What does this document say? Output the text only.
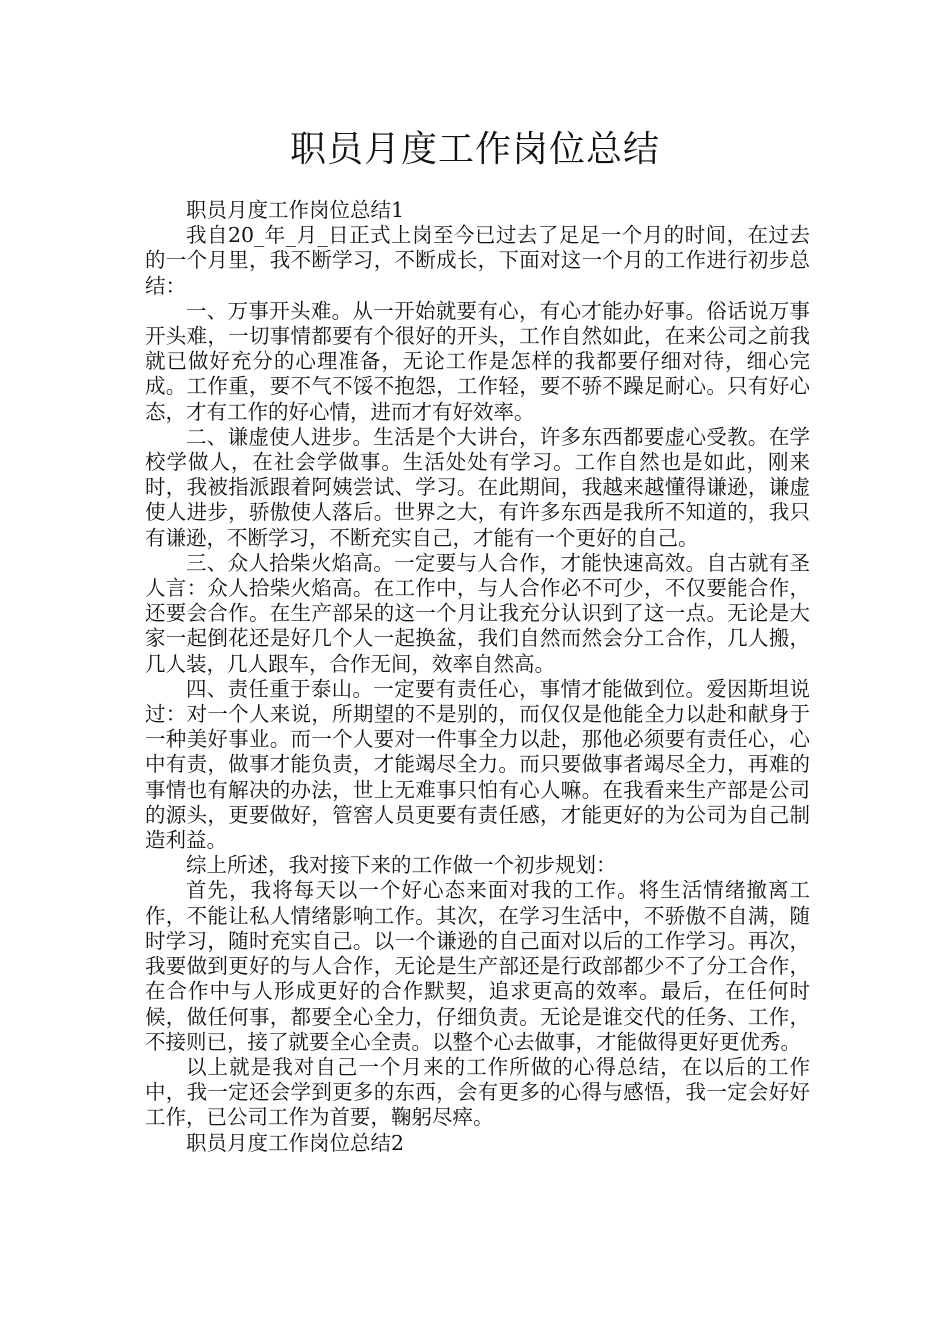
职员月度工作岗位总结

职员月度工作岗位总结1

我自20_年_月_日正式上岗至今已过去了足足一个月的时间，在过去的一个月里，我不断学习，不断成长，下面对这一个月的工作进行初步总结：

一、万事开头难。从一开始就要有心，有心才能办好事。俗话说万事开头难，一切事情都要有个很好的开头，工作自然如此，在来公司之前我就已做好充分的心理准备，无论工作是怎样的我都要仔细对待，细心完成。工作重，要不气不馁不抱怨，工作轻，要不骄不躁足耐心。只有好心态，才有工作的好心情，进而才有好效率。

二、谦虚使人进步。生活是个大讲台，许多东西都要虚心受教。在学校学做人，在社会学做事。生活处处有学习。工作自然也是如此，刚来时，我被指派跟着阿姨尝试、学习。在此期间，我越来越懂得谦逊，谦虚使人进步，骄傲使人落后。世界之大，有许多东西是我所不知道的，我只有谦逊，不断学习，不断充实自己，才能有一个更好的自己。

三、众人拾柴火焰高。一定要与人合作，才能快速高效。自古就有圣人言：众人拾柴火焰高。在工作中，与人合作必不可少，不仅要能合作，还要会合作。在生产部呆的这一个月让我充分认识到了这一点。无论是大家一起倒花还是好几个人一起换盆，我们自然而然会分工合作，几人搬，几人装，几人跟车，合作无间，效率自然高。

四、责任重于泰山。一定要有责任心，事情才能做到位。爱因斯坦说过：对一个人来说，所期望的不是别的，而仅仅是他能全力以赴和献身于一种美好事业。而一个人要对一件事全力以赴，那他必须要有责任心，心中有责，做事才能负责，才能竭尽全力。而只要做事者竭尽全力，再难的事情也有解决的办法，世上无难事只怕有心人嘛。在我看来生产部是公司的源头，更要做好，管窖人员更要有责任感，才能更好的为公司为自己制造利益。

综上所述，我对接下来的工作做一个初步规划：

首先，我将每天以一个好心态来面对我的工作。将生活情绪撤离工作，不能让私人情绪影响工作。其次，在学习生活中，不骄傲不自满，随时学习，随时充实自己。以一个谦逊的自己面对以后的工作学习。再次，我要做到更好的与人合作，无论是生产部还是行政部都少不了分工合作，在合作中与人形成更好的合作默契，追求更高的效率。最后，在任何时候，做任何事，都要全心全力，仔细负责。无论是谁交代的任务、工作，不接则已，接了就要全心全责。以整个心去做事，才能做得更好更优秀。

以上就是我对自己一个月来的工作所做的心得总结，在以后的工作中，我一定还会学到更多的东西，会有更多的心得与感悟，我一定会好好工作，已公司工作为首要，鞠躬尽瘁。

职员月度工作岗位总结2
